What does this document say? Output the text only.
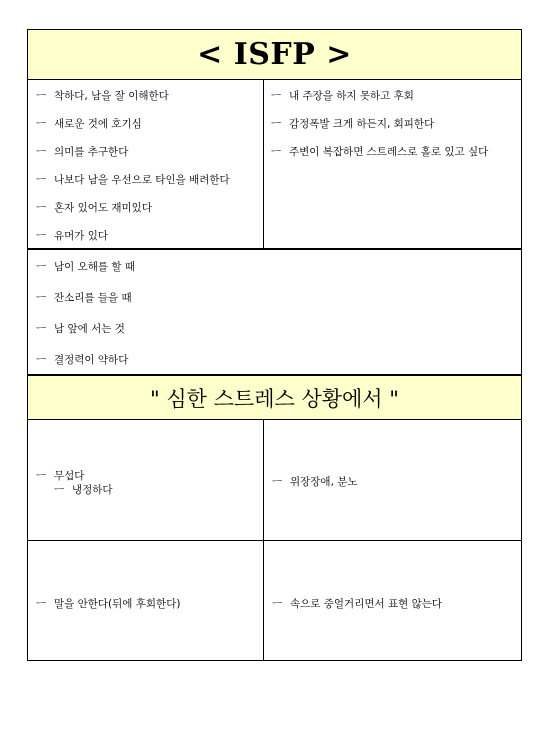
< ISFP >
ㅡ 착하다, 남을 잘 이해한다
ㅡ 새로운 것에 호기심
ㅡ 의미를 추구한다
ㅡ 나보다 남을 우선으로 타인을 배려한다
ㅡ 혼자 있어도 재미있다
ㅡ 유머가 있다
ㅡ 내 주장을 하지 못하고 후회
ㅡ 감정폭발 크게 하든지, 회피한다
ㅡ 주변이 복잡하면 스트레스로 홀로 있고 싶다
ㅡ 남이 오해를 할 때
ㅡ 잔소리를 들을 때
ㅡ 남 앞에 서는 것
ㅡ 결정력이 약하다
" 심한 스트레스 상황에서 "
ㅡ 무섭다
ㅡ 냉정하다
ㅡ 위장장애, 분노
ㅡ 말을 안한다(뒤에 후회한다)	ㅡ 속으로 중얼거리면서 표현 않는다
